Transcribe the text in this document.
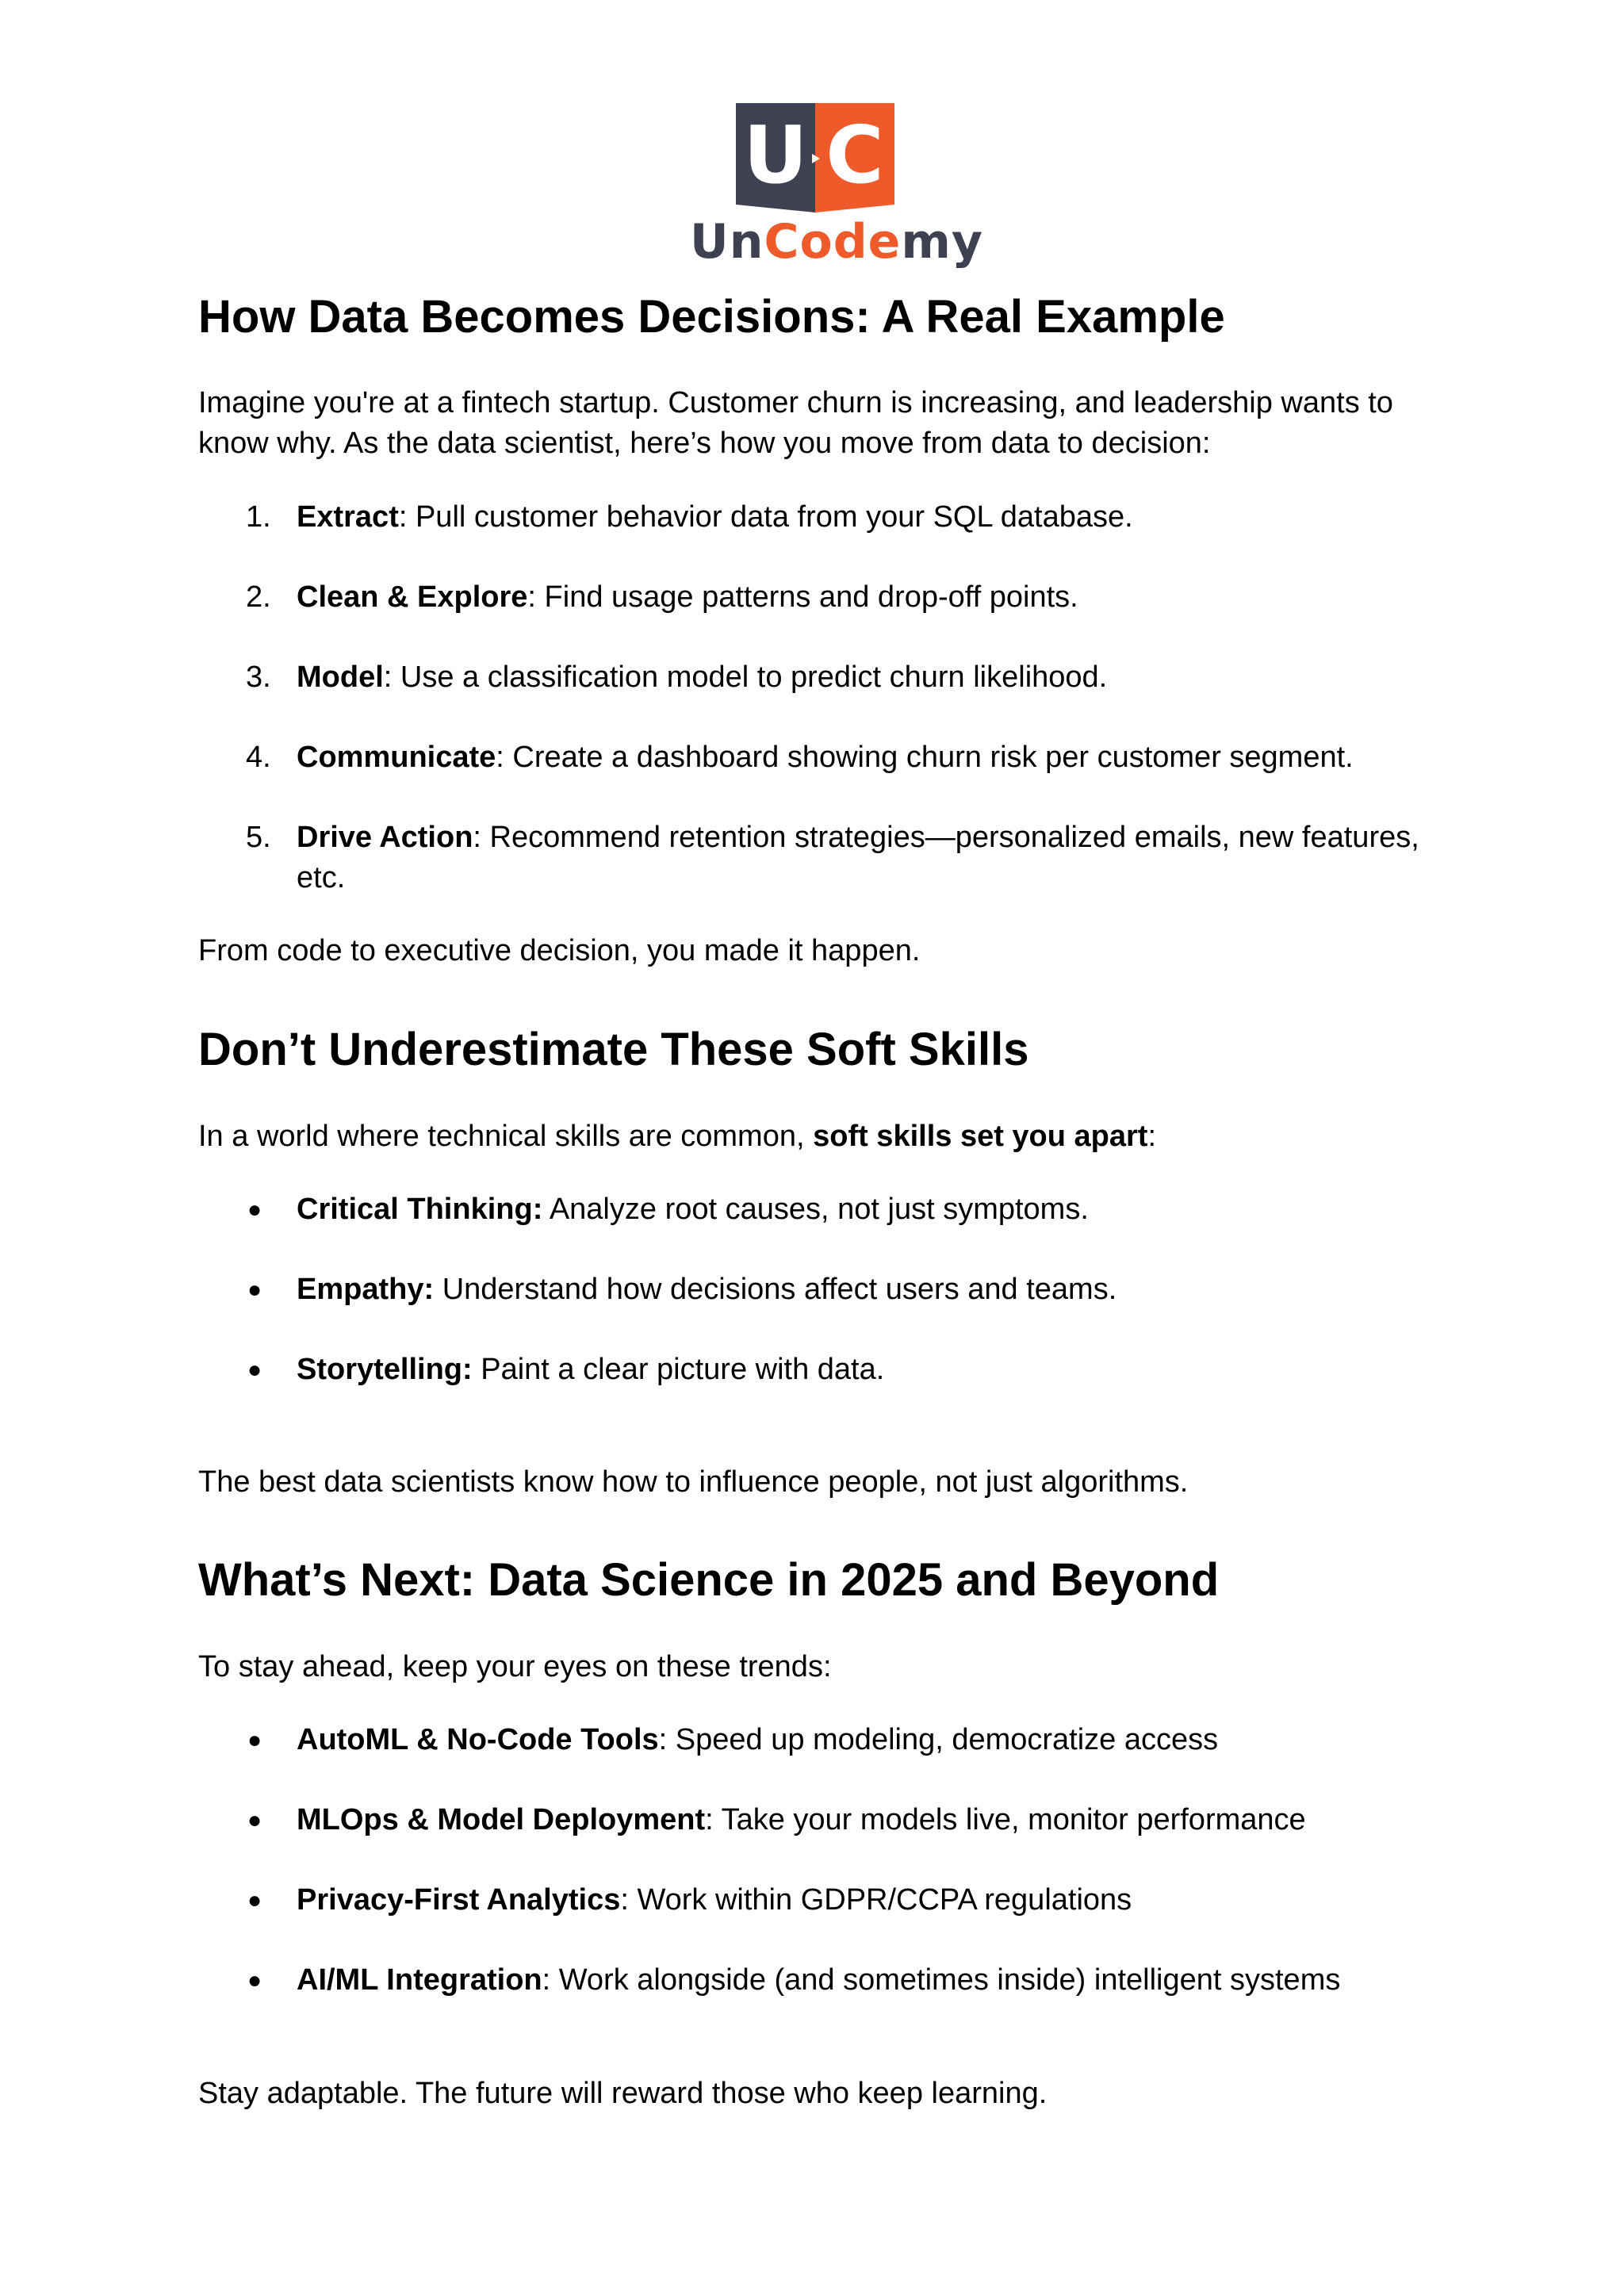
U C
UnCodemy
How Data Becomes Decisions: A Real Example

Imagine you're at a fintech startup. Customer churn is increasing, and leadership wants to
know why. As the data scientist, here’s how you move from data to decision:

1. Extract: Pull customer behavior data from your SQL database.
2. Clean & Explore: Find usage patterns and drop-off points.
3. Model: Use a classification model to predict churn likelihood.
4. Communicate: Create a dashboard showing churn risk per customer segment.
5. Drive Action: Recommend retention strategies—personalized emails, new features,
etc.

From code to executive decision, you made it happen.

Don’t Underestimate These Soft Skills

In a world where technical skills are common, soft skills set you apart:

● Critical Thinking: Analyze root causes, not just symptoms.
● Empathy: Understand how decisions affect users and teams.
● Storytelling: Paint a clear picture with data.

The best data scientists know how to influence people, not just algorithms.

What’s Next: Data Science in 2025 and Beyond

To stay ahead, keep your eyes on these trends:

● AutoML & No-Code Tools: Speed up modeling, democratize access
● MLOps & Model Deployment: Take your models live, monitor performance
● Privacy-First Analytics: Work within GDPR/CCPA regulations
● AI/ML Integration: Work alongside (and sometimes inside) intelligent systems

Stay adaptable. The future will reward those who keep learning.
